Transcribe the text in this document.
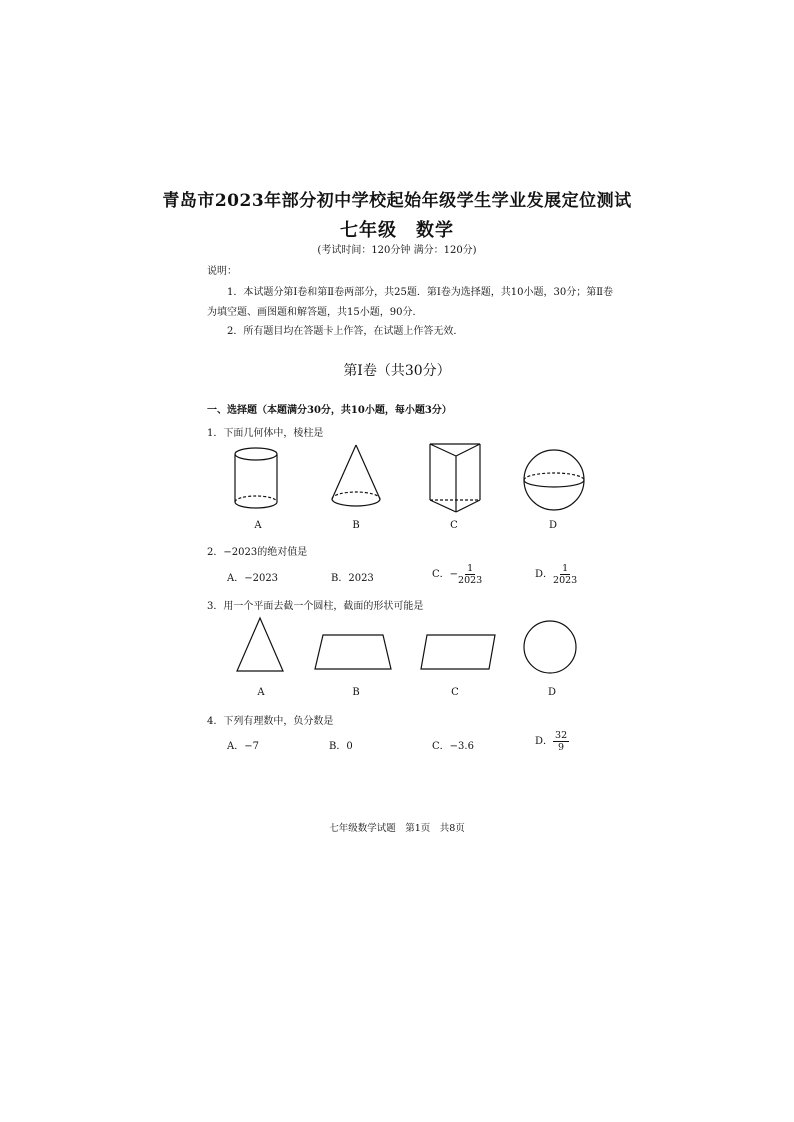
青岛市2023年部分初中学校起始年级学生学业发展定位测试
七年级　数学
(考试时间：120分钟 满分：120分)
说明：
1．本试题分第Ⅰ卷和第Ⅱ卷两部分，共25题．第Ⅰ卷为选择题，共10小题，30分；第Ⅱ卷
为填空题、画图题和解答题，共15小题，90分．
2．所有题目均在答题卡上作答，在试题上作答无效．
第Ⅰ卷（共30分）
一、选择题（本题满分30分，共10小题，每小题3分）
1．下面几何体中，棱柱是
A	B	C	D
2．−2023的绝对值是
A．−2023	B．2023	C．− $\frac{1}{2023}$	D． $\frac{1}{2023}$
3．用一个平面去截一个圆柱，截面的形状可能是
A	B	C	D
4．下列有理数中，负分数是
A．−7	B．0	C．−3.6	D． $\frac{32}{9}$
七年级数学试题　第1页　共8页
